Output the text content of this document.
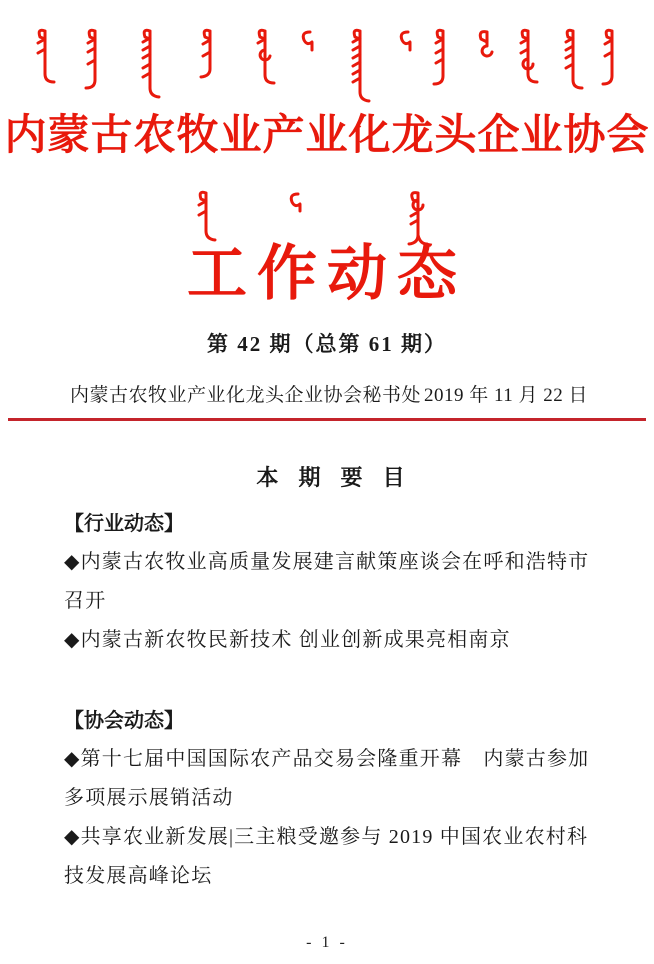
内蒙古农牧业产业化龙头企业协会
工作动态

第 42 期（总第 61 期）

内蒙古农牧业产业化龙头企业协会秘书处 2019 年 11 月 22 日

本 期 要 目

【行业动态】

◆内蒙古农牧业高质量发展建言献策座谈会在呼和浩特市召开

◆内蒙古新农牧民新技术 创业创新成果亮相南京

【协会动态】

◆第十七届中国国际农产品交易会隆重开幕　内蒙古参加多项展示展销活动

◆共享农业新发展|三主粮受邀参与 2019 中国农业农村科技发展高峰论坛

- 1 -
